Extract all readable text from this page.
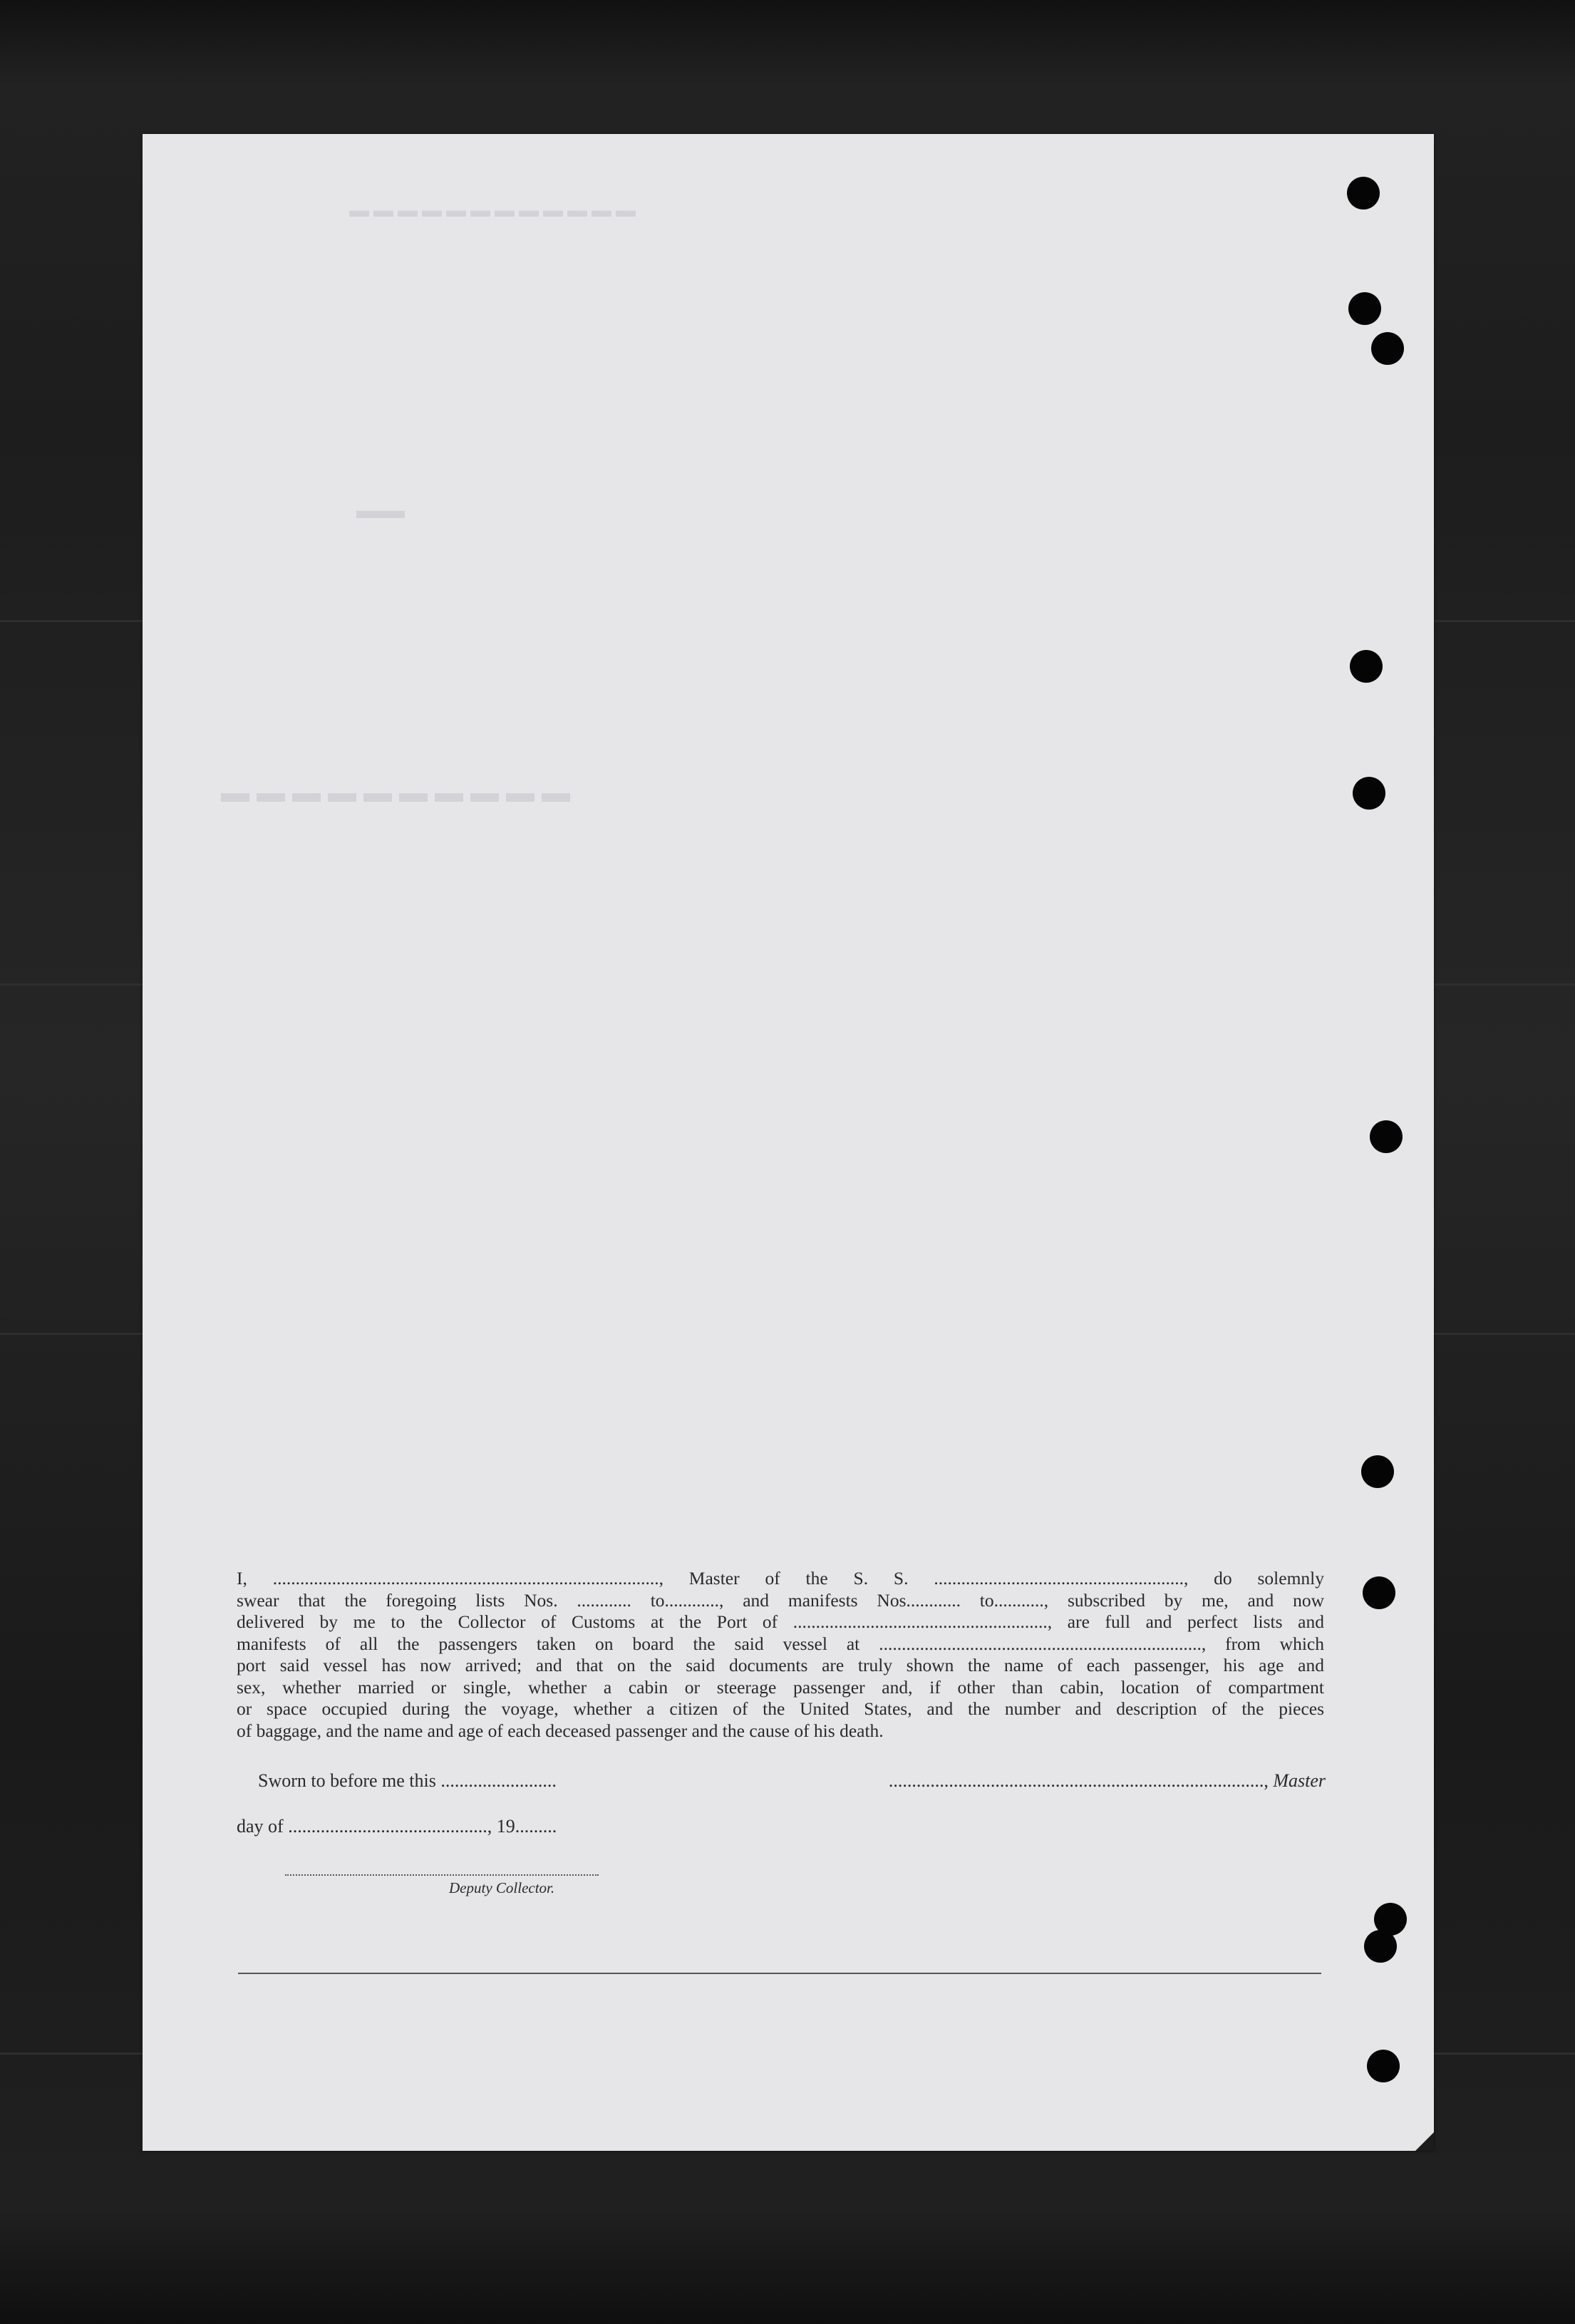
▬▬▬▬▬▬▬▬▬▬▬▬
▬▬
▬▬▬▬▬▬▬▬▬▬
I, ....................................................................................., Master of the S. S. ......................................................., do solemnly
swear that the foregoing lists Nos. ............ to............, and manifests Nos............ to..........., subscribed by me, and now
delivered by me to the Collector of Customs at the Port of ........................................................, are full and perfect lists and
manifests of all the passengers taken on board the said vessel at ......................................................................., from which
port said vessel has now arrived; and that on the said documents are truly shown the name of each passenger, his age and
sex, whether married or single, whether a cabin or steerage passenger and, if other than cabin, location of compartment
or space occupied during the voyage, whether a citizen of the United States, and the number and description of the pieces
of baggage, and the name and age of each deceased passenger and the cause of his death.
Sworn to before me this .........................	................................................................................., Master
day of ..........................................., 19.........
Deputy Collector.
